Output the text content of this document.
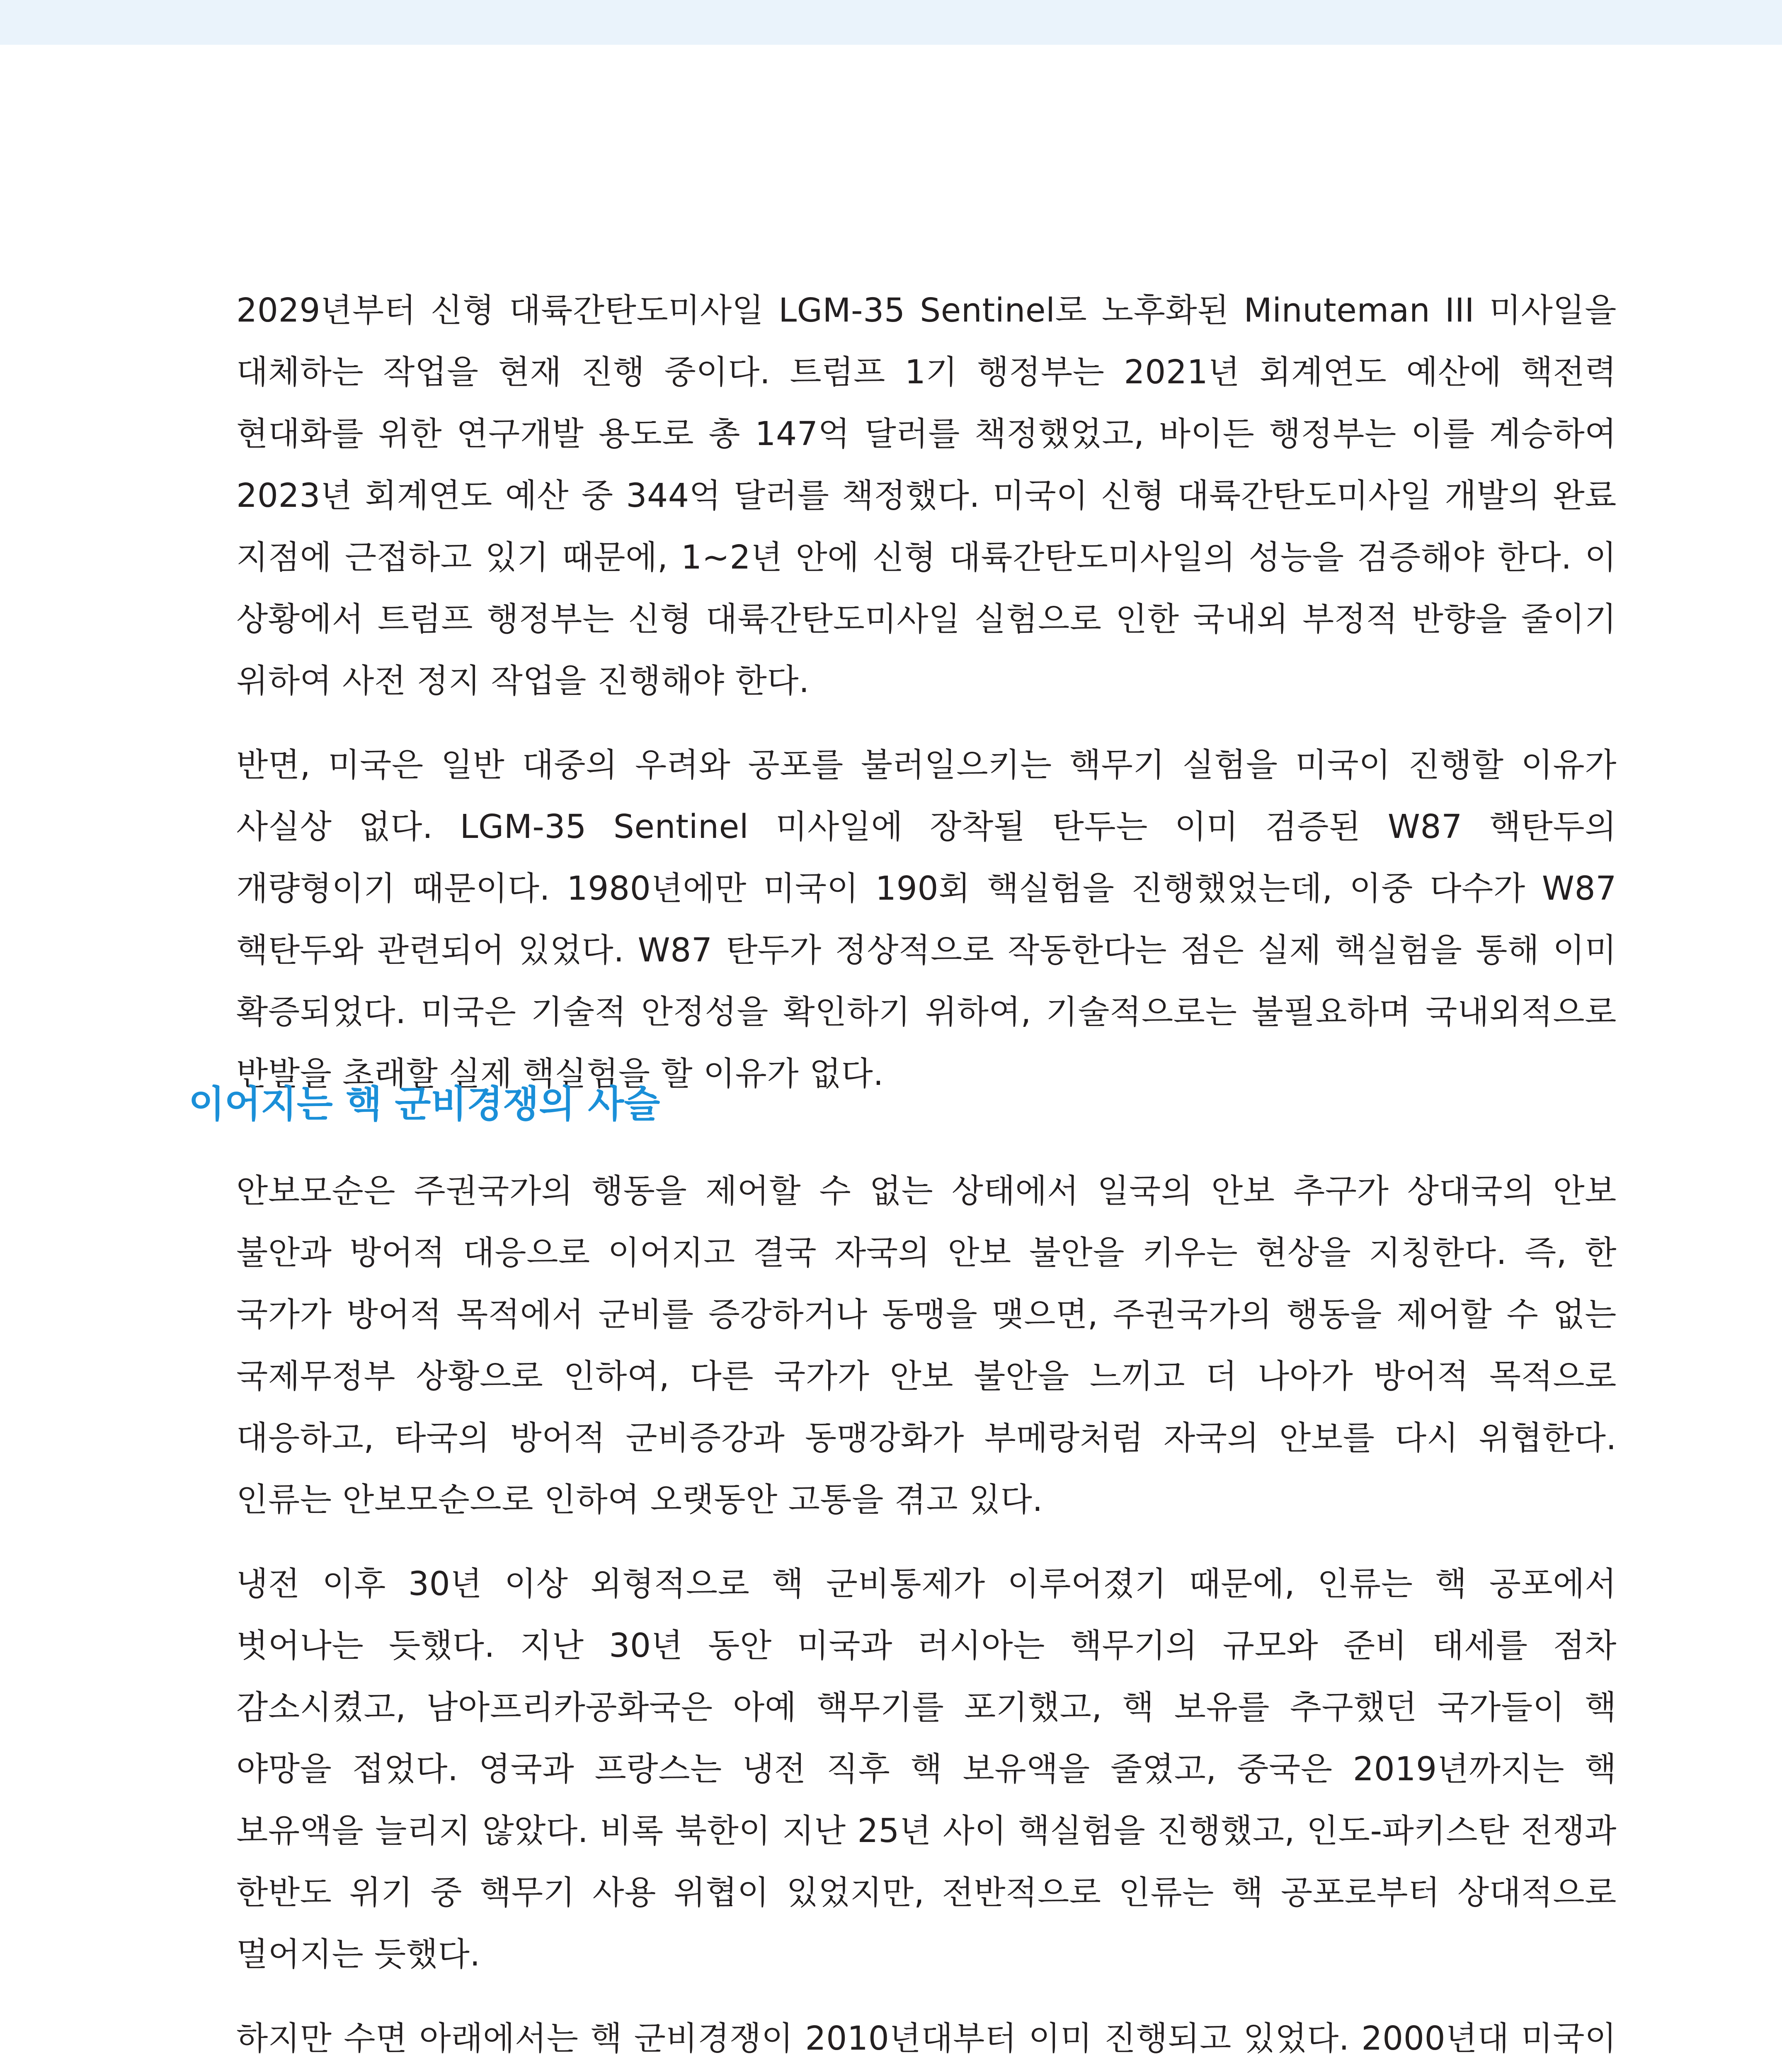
2029년부터 신형 대륙간탄도미사일 LGM-35 Sentinel로 노후화된 Minuteman III 미사일을 대체하는 작업을 현재 진행 중이다. 트럼프 1기 행정부는 2021년 회계연도 예산에 핵전력 현대화를 위한 연구개발 용도로 총 147억 달러를 책정했었고, 바이든 행정부는 이를 계승하여 2023년 회계연도 예산 중 344억 달러를 책정했다. 미국이 신형 대륙간탄도미사일 개발의 완료 지점에 근접하고 있기 때문에, 1~2년 안에 신형 대륙간탄도미사일의 성능을 검증해야 한다. 이 상황에서 트럼프 행정부는 신형 대륙간탄도미사일 실험으로 인한 국내외 부정적 반향을 줄이기 위하여 사전 정지 작업을 진행해야 한다.

반면, 미국은 일반 대중의 우려와 공포를 불러일으키는 핵무기 실험을 미국이 진행할 이유가 사실상 없다. LGM-35 Sentinel 미사일에 장착될 탄두는 이미 검증된 W87 핵탄두의 개량형이기 때문이다. 1980년에만 미국이 190회 핵실험을 진행했었는데, 이중 다수가 W87 핵탄두와 관련되어 있었다. W87 탄두가 정상적으로 작동한다는 점은 실제 핵실험을 통해 이미 확증되었다. 미국은 기술적 안정성을 확인하기 위하여, 기술적으로는 불필요하며 국내외적으로 반발을 초래할 실제 핵실험을 할 이유가 없다.

이어지는 핵 군비경쟁의 사슬

안보모순은 주권국가의 행동을 제어할 수 없는 상태에서 일국의 안보 추구가 상대국의 안보 불안과 방어적 대응으로 이어지고 결국 자국의 안보 불안을 키우는 현상을 지칭한다. 즉, 한 국가가 방어적 목적에서 군비를 증강하거나 동맹을 맺으면, 주권국가의 행동을 제어할 수 없는 국제무정부 상황으로 인하여, 다른 국가가 안보 불안을 느끼고 더 나아가 방어적 목적으로 대응하고, 타국의 방어적 군비증강과 동맹강화가 부메랑처럼 자국의 안보를 다시 위협한다. 인류는 안보모순으로 인하여 오랫동안 고통을 겪고 있다.

냉전 이후 30년 이상 외형적으로 핵 군비통제가 이루어졌기 때문에, 인류는 핵 공포에서 벗어나는 듯했다. 지난 30년 동안 미국과 러시아는 핵무기의 규모와 준비 태세를 점차 감소시켰고, 남아프리카공화국은 아예 핵무기를 포기했고, 핵 보유를 추구했던 국가들이 핵 야망을 접었다. 영국과 프랑스는 냉전 직후 핵 보유액을 줄였고, 중국은 2019년까지는 핵 보유액을 늘리지 않았다. 비록 북한이 지난 25년 사이 핵실험을 진행했고, 인도-파키스탄 전쟁과 한반도 위기 중 핵무기 사용 위협이 있었지만, 전반적으로 인류는 핵 공포로부터 상대적으로 멀어지는 듯했다.

하지만 수면 아래에서는 핵 군비경쟁이 2010년대부터 이미 진행되고 있었다. 2000년대 미국이
